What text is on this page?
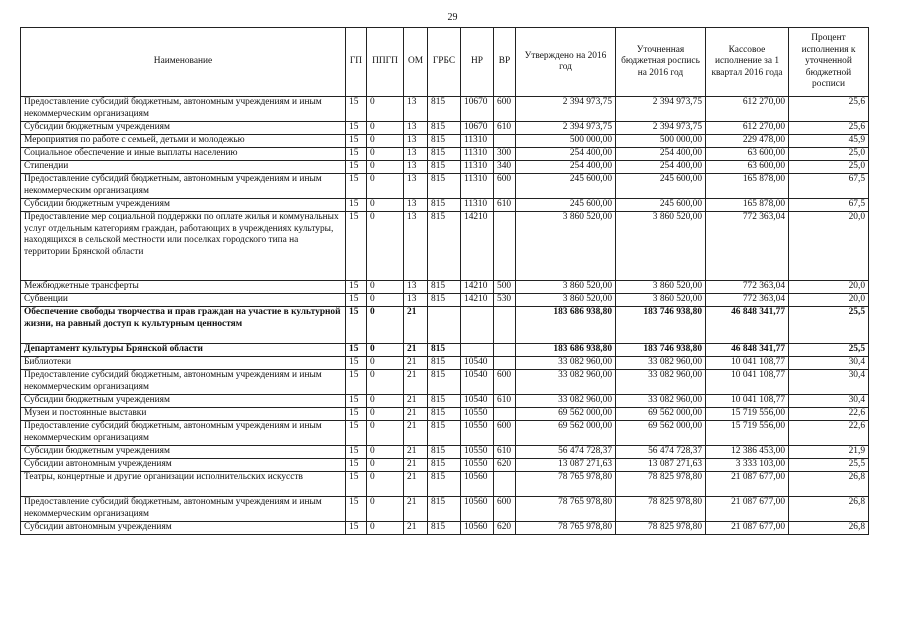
29
Наименование	ГП	ППГП	ОМ	ГРБС	НР	ВР	Утверждено на 2016 год	Уточненная бюджетная роспись на 2016 год	Кассовое исполнение за 1 квартал 2016 года	Процент исполнения к уточненной бюджетной росписи
Предоставление субсидий бюджетным, автономным учреждениям и иным некоммерческим организациям	15	0	13	815	10670	600	2 394 973,75	2 394 973,75	612 270,00	25,6
Субсидии бюджетным учреждениям	15	0	13	815	10670	610	2 394 973,75	2 394 973,75	612 270,00	25,6
Мероприятия по работе с семьей, детьми и молодежью	15	0	13	815	11310		500 000,00	500 000,00	229 478,00	45,9
Социальное обеспечение и иные выплаты населению	15	0	13	815	11310	300	254 400,00	254 400,00	63 600,00	25,0
Стипендии	15	0	13	815	11310	340	254 400,00	254 400,00	63 600,00	25,0
Предоставление субсидий бюджетным, автономным учреждениям и иным некоммерческим организациям	15	0	13	815	11310	600	245 600,00	245 600,00	165 878,00	67,5
Субсидии бюджетным учреждениям	15	0	13	815	11310	610	245 600,00	245 600,00	165 878,00	67,5
Предоставление мер социальной поддержки по оплате жилья и коммунальных услуг отдельным категориям граждан, работающих в учреждениях культуры, находящихся в сельской местности или поселках городского типа на территории Брянской области	15	0	13	815	14210		3 860 520,00	3 860 520,00	772 363,04	20,0
Межбюджетные трансферты	15	0	13	815	14210	500	3 860 520,00	3 860 520,00	772 363,04	20,0
Субвенции	15	0	13	815	14210	530	3 860 520,00	3 860 520,00	772 363,04	20,0
Обеспечение свободы творчества и прав граждан на участие в культурной жизни, на равный доступ к культурным ценностям	15	0	21				183 686 938,80	183 746 938,80	46 848 341,77	25,5
Департамент культуры Брянской области	15	0	21	815			183 686 938,80	183 746 938,80	46 848 341,77	25,5
Библиотеки	15	0	21	815	10540		33 082 960,00	33 082 960,00	10 041 108,77	30,4
Предоставление субсидий бюджетным, автономным учреждениям и иным некоммерческим организациям	15	0	21	815	10540	600	33 082 960,00	33 082 960,00	10 041 108,77	30,4
Субсидии бюджетным учреждениям	15	0	21	815	10540	610	33 082 960,00	33 082 960,00	10 041 108,77	30,4
Музеи и постоянные выставки	15	0	21	815	10550		69 562 000,00	69 562 000,00	15 719 556,00	22,6
Предоставление субсидий бюджетным, автономным учреждениям и иным некоммерческим организациям	15	0	21	815	10550	600	69 562 000,00	69 562 000,00	15 719 556,00	22,6
Субсидии бюджетным учреждениям	15	0	21	815	10550	610	56 474 728,37	56 474 728,37	12 386 453,00	21,9
Субсидии автономным учреждениям	15	0	21	815	10550	620	13 087 271,63	13 087 271,63	3 333 103,00	25,5
Театры, концертные и другие организации исполнительских искусств	15	0	21	815	10560		78 765 978,80	78 825 978,80	21 087 677,00	26,8
Предоставление субсидий бюджетным, автономным учреждениям и иным некоммерческим организациям	15	0	21	815	10560	600	78 765 978,80	78 825 978,80	21 087 677,00	26,8
Субсидии автономным учреждениям	15	0	21	815	10560	620	78 765 978,80	78 825 978,80	21 087 677,00	26,8
